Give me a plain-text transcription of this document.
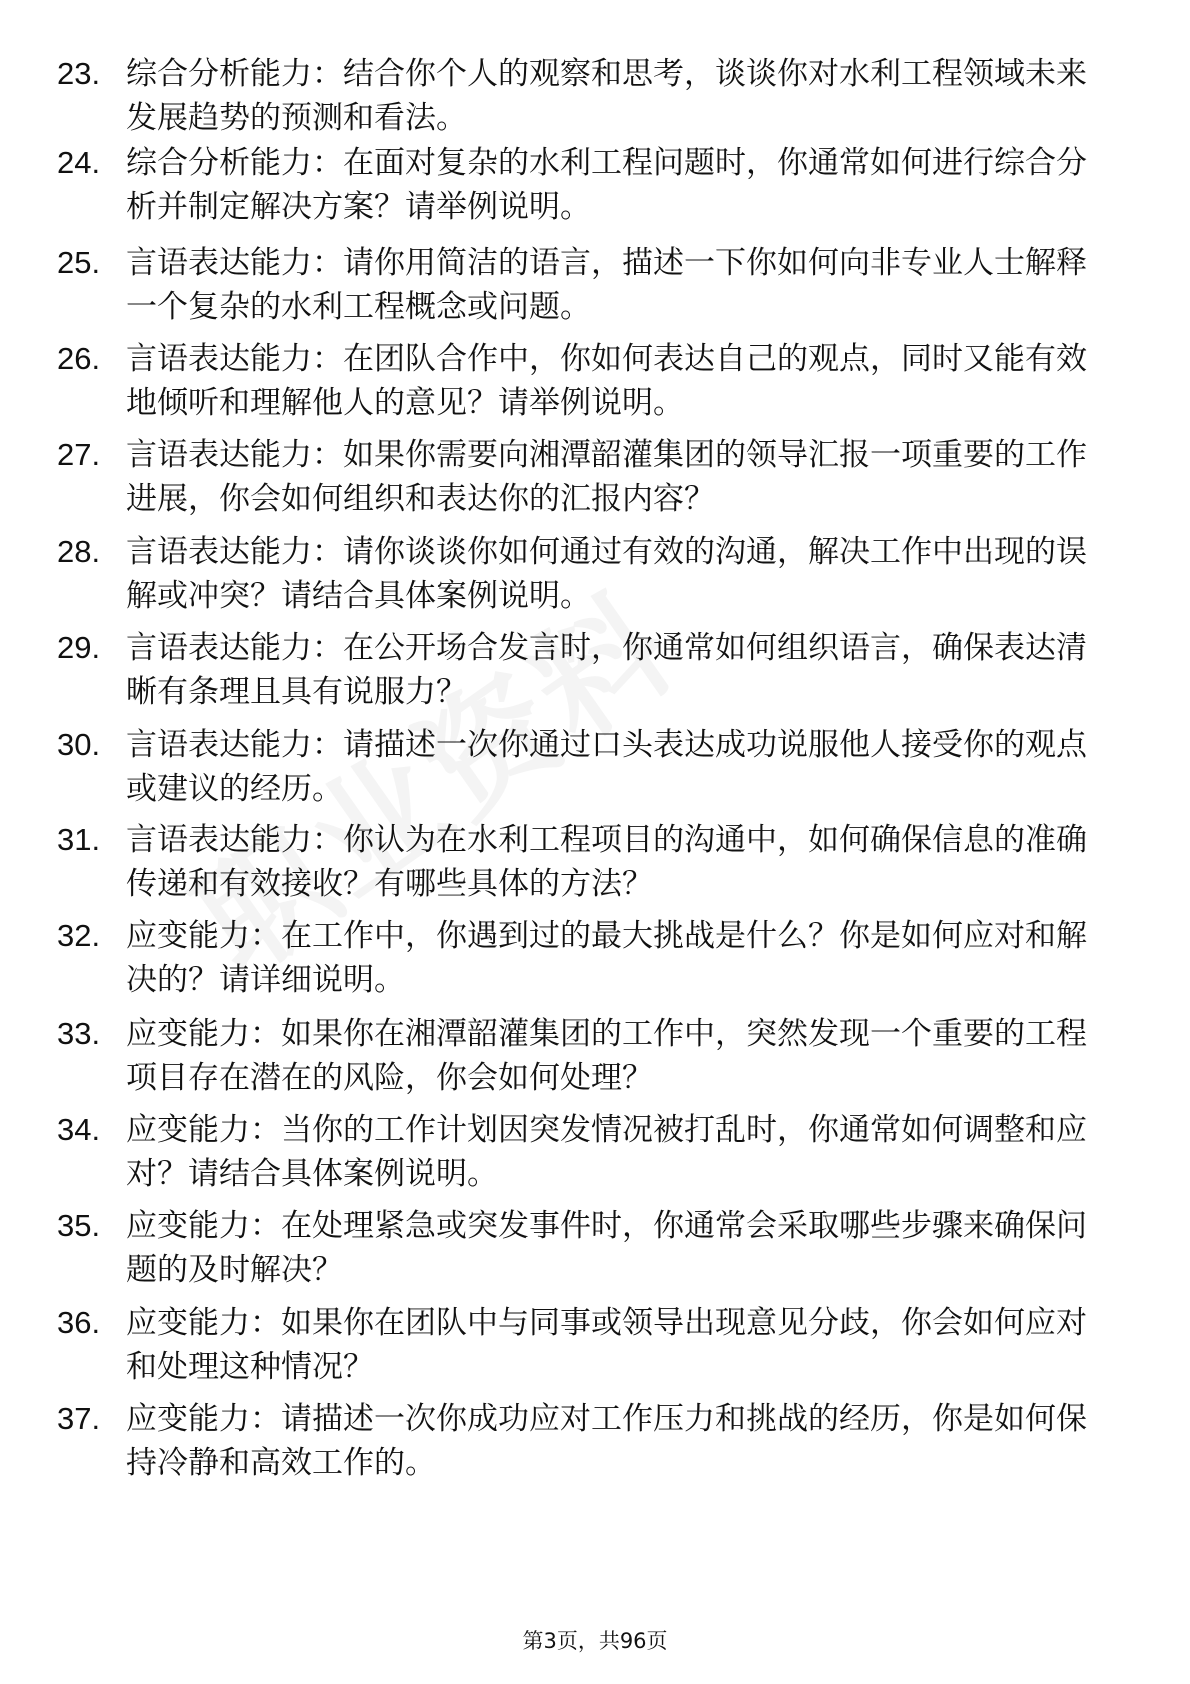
23. 综合分析能力：结合你个人的观察和思考，谈谈你对水利工程领域未来发展趋势的预测和看法。
24. 综合分析能力：在面对复杂的水利工程问题时，你通常如何进行综合分析并制定解决方案？请举例说明。
25. 言语表达能力：请你用简洁的语言，描述一下你如何向非专业人士解释一个复杂的水利工程概念或问题。
26. 言语表达能力：在团队合作中，你如何表达自己的观点，同时又能有效地倾听和理解他人的意见？请举例说明。
27. 言语表达能力：如果你需要向湘潭韶灌集团的领导汇报一项重要的工作进展，你会如何组织和表达你的汇报内容？
28. 言语表达能力：请你谈谈你如何通过有效的沟通，解决工作中出现的误解或冲突？请结合具体案例说明。
29. 言语表达能力：在公开场合发言时，你通常如何组织语言，确保表达清晰有条理且具有说服力？
30. 言语表达能力：请描述一次你通过口头表达成功说服他人接受你的观点或建议的经历。
31. 言语表达能力：你认为在水利工程项目的沟通中，如何确保信息的准确传递和有效接收？有哪些具体的方法？
32. 应变能力：在工作中，你遇到过的最大挑战是什么？你是如何应对和解决的？请详细说明。
33. 应变能力：如果你在湘潭韶灌集团的工作中，突然发现一个重要的工程项目存在潜在的风险，你会如何处理？
34. 应变能力：当你的工作计划因突发情况被打乱时，你通常如何调整和应对？请结合具体案例说明。
35. 应变能力：在处理紧急或突发事件时，你通常会采取哪些步骤来确保问题的及时解决？
36. 应变能力：如果你在团队中与同事或领导出现意见分歧，你会如何应对和处理这种情况？
37. 应变能力：请描述一次你成功应对工作压力和挑战的经历，你是如何保持冷静和高效工作的。
第3页，共96页
